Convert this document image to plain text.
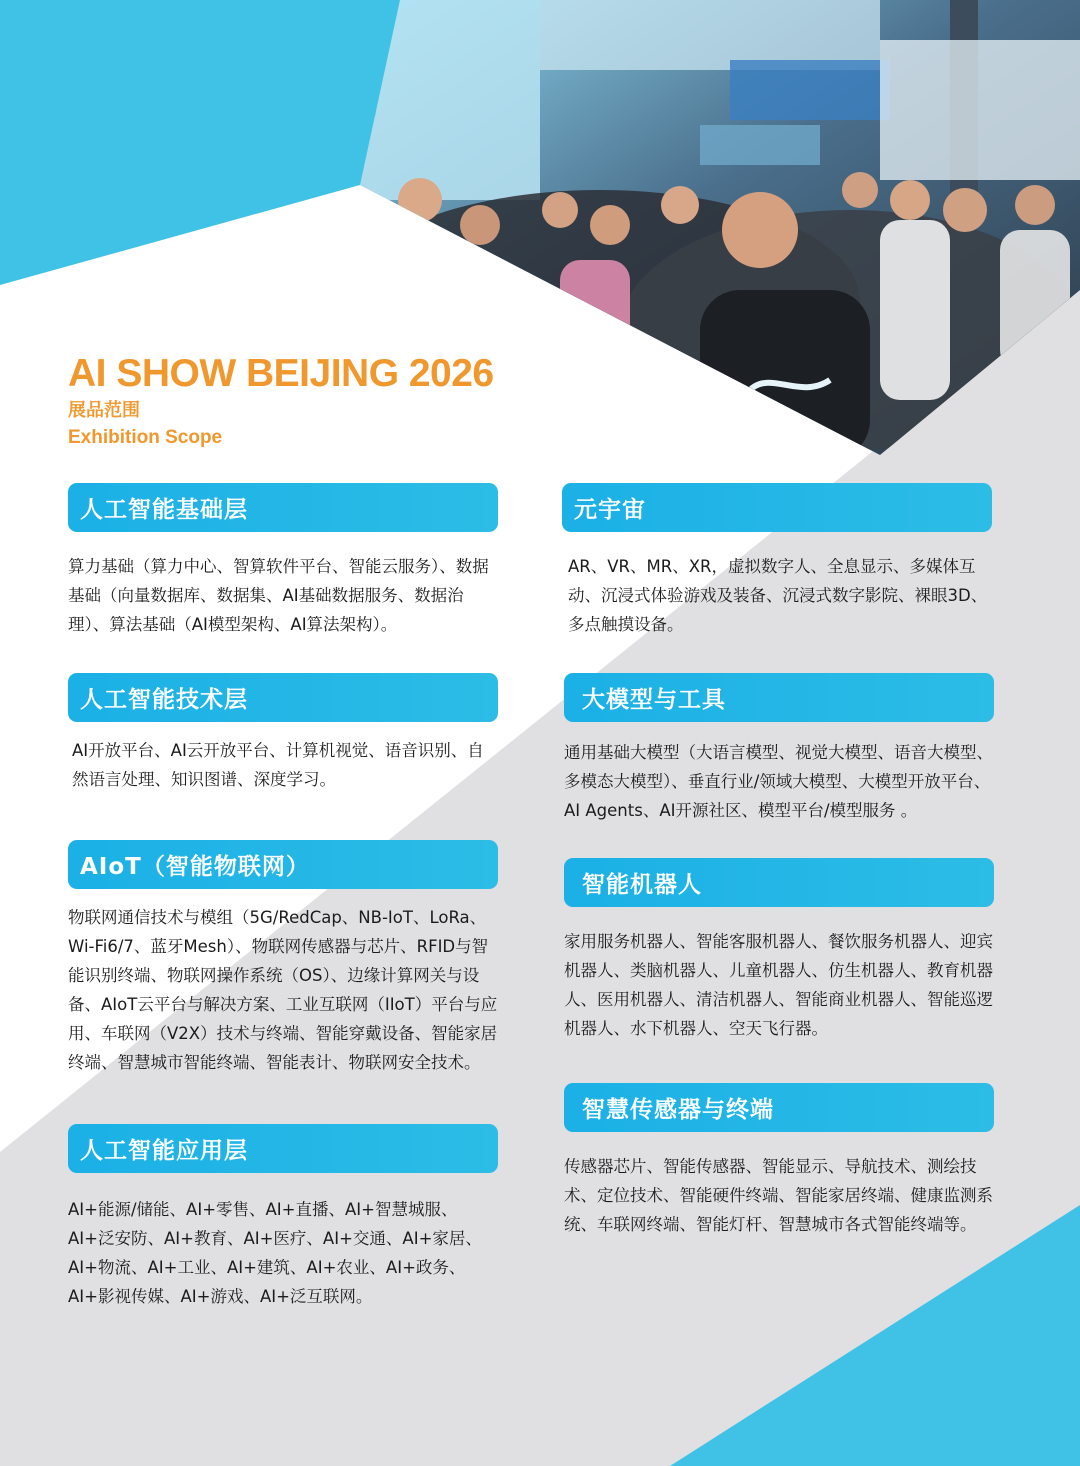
AI SHOW BEIJING 2026
展品范围
Exhibition Scope
人工智能基础层
算力基础（算力中心、智算软件平台、智能云服务）、数据基础（向量数据库、数据集、AI基础数据服务、数据治理）、算法基础（AI模型架构、AI算法架构）。
人工智能技术层
AI开放平台、AI云开放平台、计算机视觉、语音识别、自然语言处理、知识图谱、深度学习。
AIoT（智能物联网）
物联网通信技术与模组（5G/RedCap、NB-IoT、LoRa、Wi-Fi6/7、蓝牙Mesh）、物联网传感器与芯片、RFID与智能识别终端、物联网操作系统（OS）、边缘计算网关与设备、AIoT云平台与解决方案、工业互联网（IIoT）平台与应用、车联网（V2X）技术与终端、智能穿戴设备、智能家居终端、智慧城市智能终端、智能表计、物联网安全技术。
人工智能应用层
AI+能源/储能、AI+零售、AI+直播、AI+智慧城服、AI+泛安防、AI+教育、AI+医疗、AI+交通、AI+家居、AI+物流、AI+工业、AI+建筑、AI+农业、AI+政务、AI+影视传媒、AI+游戏、AI+泛互联网。
元宇宙
AR、VR、MR、XR，虚拟数字人、全息显示、多媒体互动、沉浸式体验游戏及装备、沉浸式数字影院、裸眼3D、多点触摸设备。
大模型与工具
通用基础大模型（大语言模型、视觉大模型、语音大模型、多模态大模型）、垂直行业/领域大模型、大模型开放平台、AI Agents、AI开源社区、模型平台/模型服务 。
智能机器人
家用服务机器人、智能客服机器人、餐饮服务机器人、迎宾机器人、类脑机器人、儿童机器人、仿生机器人、教育机器人、医用机器人、清洁机器人、智能商业机器人、智能巡逻机器人、水下机器人、空天飞行器。
智慧传感器与终端
传感器芯片、智能传感器、智能显示、导航技术、测绘技术、定位技术、智能硬件终端、智能家居终端、健康监测系统、车联网终端、智能灯杆、智慧城市各式智能终端等。
